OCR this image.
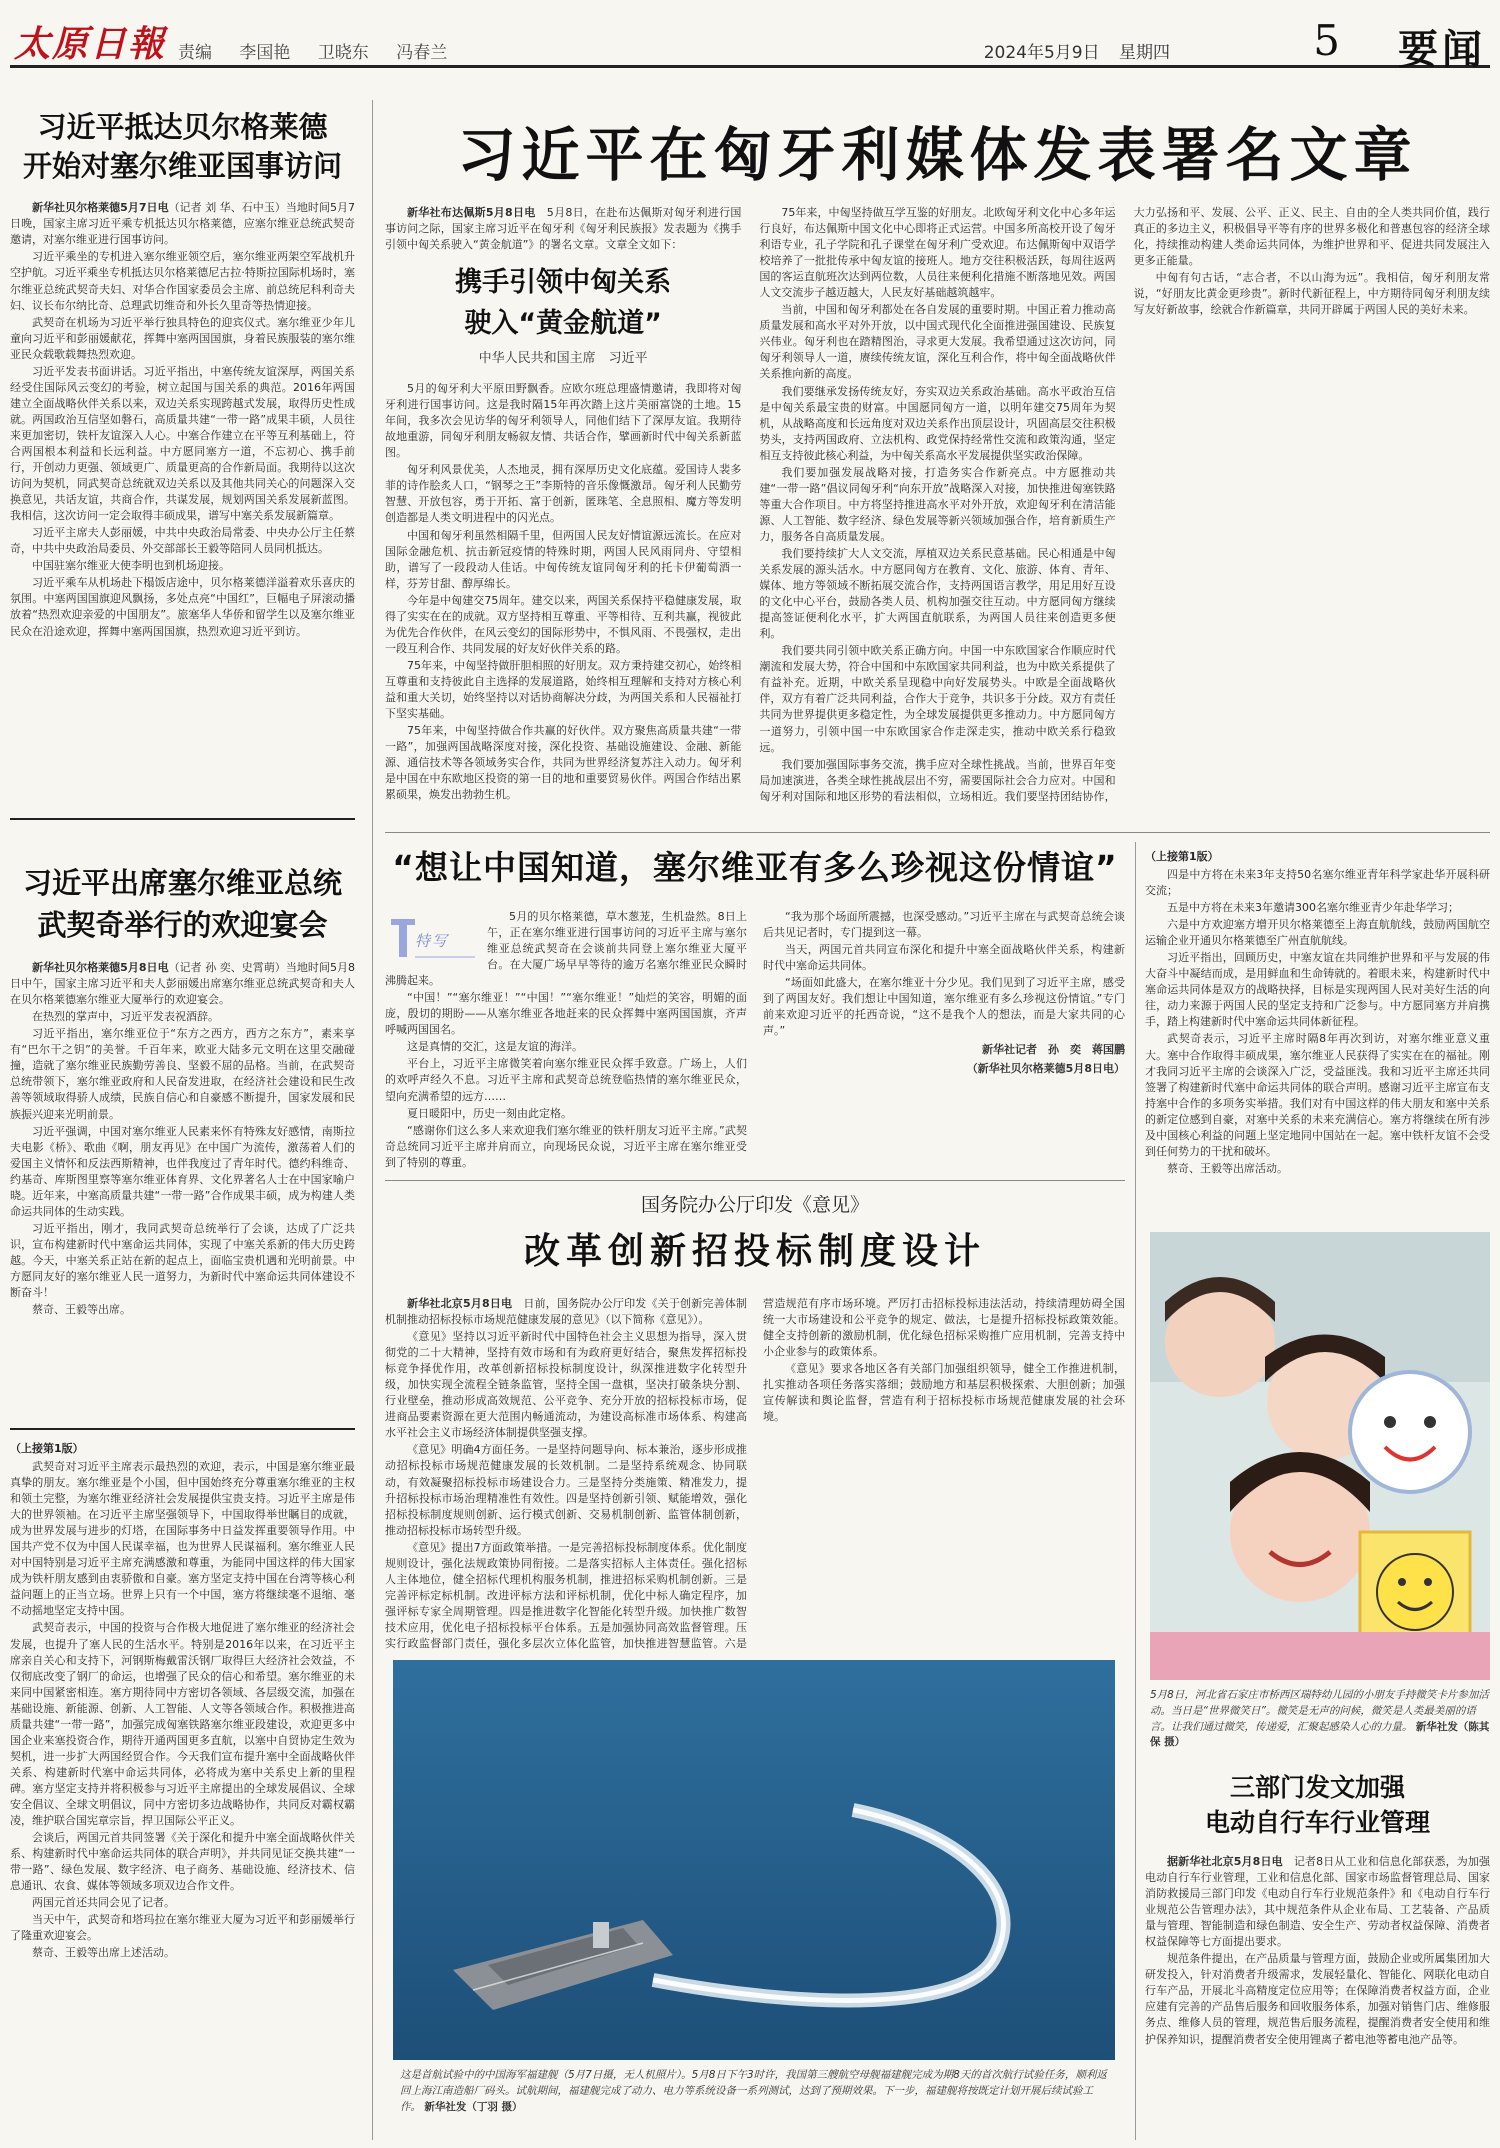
太原日報 责编 李国艳 卫晓东 冯春兰	2024年5月9日 星期四	5 要闻
习近平抵达贝尔格莱德
开始对塞尔维亚国事访问

新华社贝尔格莱德5月7日电（记者 刘 华、石中玉）当地时间5月7日晚，国家主席习近平乘专机抵达贝尔格莱德，应塞尔维亚总统武契奇邀请，对塞尔维亚进行国事访问。

习近平乘坐的专机进入塞尔维亚领空后，塞尔维亚两架空军战机升空护航。习近平乘坐专机抵达贝尔格莱德尼古拉·特斯拉国际机场时，塞尔维亚总统武契奇夫妇、对华合作国家委员会主席、前总统尼科利奇夫妇、议长布尔纳比奇、总理武切维奇和外长久里奇等热情迎接。

武契奇在机场为习近平举行独具特色的迎宾仪式。塞尔维亚少年儿童向习近平和彭丽媛献花，挥舞中塞两国国旗，身着民族服装的塞尔维亚民众载歌载舞热烈欢迎。

习近平发表书面讲话。习近平指出，中塞传统友谊深厚，两国关系经受住国际风云变幻的考验，树立起国与国关系的典范。2016年两国建立全面战略伙伴关系以来，双边关系实现跨越式发展，取得历史性成就。两国政治互信坚如磐石，高质量共建“一带一路”成果丰硕，人员往来更加密切，铁杆友谊深入人心。中塞合作建立在平等互利基础上，符合两国根本利益和长远利益。中方愿同塞方一道，不忘初心、携手前行，开创动力更强、领域更广、质量更高的合作新局面。我期待以这次访问为契机，同武契奇总统就双边关系以及其他共同关心的问题深入交换意见，共话友谊，共商合作，共谋发展，规划两国关系发展新蓝图。我相信，这次访问一定会取得丰硕成果，谱写中塞关系发展新篇章。

习近平主席夫人彭丽媛，中共中央政治局常委、中央办公厅主任蔡奇，中共中央政治局委员、外交部部长王毅等陪同人员同机抵达。

中国驻塞尔维亚大使李明也到机场迎接。

习近平乘车从机场赴下榻饭店途中，贝尔格莱德洋溢着欢乐喜庆的氛围。中塞两国国旗迎风飘扬，多处点亮“中国红”，巨幅电子屏滚动播放着“热烈欢迎亲爱的中国朋友”。旅塞华人华侨和留学生以及塞尔维亚民众在沿途欢迎，挥舞中塞两国国旗，热烈欢迎习近平到访。

习近平出席塞尔维亚总统
武契奇举行的欢迎宴会

新华社贝尔格莱德5月8日电（记者 孙 奕、史霄萌）当地时间5月8日中午，国家主席习近平和夫人彭丽媛出席塞尔维亚总统武契奇和夫人在贝尔格莱德塞尔维亚大厦举行的欢迎宴会。

在热烈的掌声中，习近平发表祝酒辞。

习近平指出，塞尔维亚位于“东方之西方，西方之东方”，素来享有“巴尔干之钥”的美誉。千百年来，欧亚大陆多元文明在这里交融碰撞，造就了塞尔维亚民族勤劳善良、坚毅不屈的品格。当前，在武契奇总统带领下，塞尔维亚政府和人民奋发进取，在经济社会建设和民生改善等领域取得骄人成绩，民族自信心和自豪感不断提升，国家发展和民族振兴迎来光明前景。

习近平强调，中国对塞尔维亚人民素来怀有特殊友好感情，南斯拉夫电影《桥》、歌曲《啊，朋友再见》在中国广为流传，激荡着人们的爱国主义情怀和反法西斯精神，也伴我度过了青年时代。德约科维奇、约基奇、库斯图里察等塞尔维亚体育界、文化界著名人士在中国家喻户晓。近年来，中塞高质量共建“一带一路”合作成果丰硕，成为构建人类命运共同体的生动实践。

习近平指出，刚才，我同武契奇总统举行了会谈，达成了广泛共识，宣布构建新时代中塞命运共同体，实现了中塞关系新的伟大历史跨越。今天，中塞关系正站在新的起点上，面临宝贵机遇和光明前景。中方愿同友好的塞尔维亚人民一道努力，为新时代中塞命运共同体建设不断奋斗！

蔡奇、王毅等出席。

（上接第1版）

武契奇对习近平主席表示最热烈的欢迎，表示，中国是塞尔维亚最真挚的朋友。塞尔维亚是个小国，但中国始终充分尊重塞尔维亚的主权和领土完整，为塞尔维亚经济社会发展提供宝贵支持。习近平主席是伟大的世界领袖。在习近平主席坚强领导下，中国取得举世瞩目的成就，成为世界发展与进步的灯塔，在国际事务中日益发挥重要领导作用。中国共产党不仅为中国人民谋幸福，也为世界人民谋福利。塞尔维亚人民对中国特别是习近平主席充满感激和尊重，为能同中国这样的伟大国家成为铁杆朋友感到由衷骄傲和自豪。塞方坚定支持中国在台湾等核心利益问题上的正当立场。世界上只有一个中国，塞方将继续毫不退缩、毫不动摇地坚定支持中国。

武契奇表示，中国的投资与合作极大地促进了塞尔维亚的经济社会发展，也提升了塞人民的生活水平。特别是2016年以来，在习近平主席亲自关心和支持下，河钢斯梅戴雷沃钢厂取得巨大经济社会效益，不仅彻底改变了钢厂的命运，也增强了民众的信心和希望。塞尔维亚的未来同中国紧密相连。塞方期待同中方密切各领域、各层级交流，加强在基础设施、新能源、创新、人工智能、人文等各领域合作。积极推进高质量共建“一带一路”，加强完成匈塞铁路塞尔维亚段建设，欢迎更多中国企业来塞投资合作，期待开通两国更多直航，以塞中自贸协定生效为契机，进一步扩大两国经贸合作。今天我们宣布提升塞中全面战略伙伴关系、构建新时代塞中命运共同体，必将成为塞中关系史上新的里程碑。塞方坚定支持并将积极参与习近平主席提出的全球发展倡议、全球安全倡议、全球文明倡议，同中方密切多边战略协作，共同反对霸权霸凌，维护联合国宪章宗旨，捍卫国际公平正义。

会谈后，两国元首共同签署《关于深化和提升中塞全面战略伙伴关系、构建新时代中塞命运共同体的联合声明》，并共同见证交换共建“一带一路”、绿色发展、数字经济、电子商务、基础设施、经济技术、信息通讯、农食、媒体等领域多项双边合作文件。

两国元首还共同会见了记者。

当天中午，武契奇和塔玛拉在塞尔维亚大厦为习近平和彭丽媛举行了隆重欢迎宴会。

蔡奇、王毅等出席上述活动。

习近平在匈牙利媒体发表署名文章

新华社布达佩斯5月8日电　 5月8日，在赴布达佩斯对匈牙利进行国事访问之际，国家主席习近平在匈牙利《匈牙利民族报》发表题为《携手引领中匈关系驶入“黄金航道”》的署名文章。文章全文如下：

携手引领中匈关系
驶入“黄金航道”
中华人民共和国主席　习近平

5月的匈牙利大平原田野飘香。应欧尔班总理盛情邀请，我即将对匈牙利进行国事访问。这是我时隔15年再次踏上这片美丽富饶的土地。15年间，我多次会见访华的匈牙利领导人，同他们结下了深厚友谊。我期待故地重游，同匈牙利朋友畅叙友情、共话合作，擘画新时代中匈关系新蓝图。

匈牙利风景优美，人杰地灵，拥有深厚历史文化底蕴。爱国诗人裴多菲的诗作脍炙人口，“钢琴之王”李斯特的音乐像慨激昂。匈牙利人民勤劳智慧、开放包容，勇于开拓、富于创新，匿珠笔、全息照相、魔方等发明创造都是人类文明进程中的闪光点。

中国和匈牙利虽然相隔千里，但两国人民友好情谊源远流长。在应对国际金融危机、抗击新冠疫情的特殊时期，两国人民风雨同舟、守望相助，谱写了一段段动人佳话。中匈传统友谊同匈牙利的托卡伊葡萄酒一样，芬芳甘甜、醇厚绵长。

今年是中匈建交75周年。建交以来，两国关系保持平稳健康发展，取得了实实在在的成就。双方坚持相互尊重、平等相待、互利共赢，视彼此为优先合作伙伴，在风云变幻的国际形势中，不惧风雨、不畏强权，走出一段互利合作、共同发展的好友好伙伴关系的路。

75年来，中匈坚持做肝胆相照的好朋友。双方秉持建交初心，始终相互尊重和支持彼此自主选择的发展道路，始终相互理解和支持对方核心利益和重大关切，始终坚持以对话协商解决分歧，为两国关系和人民福祉打下坚实基础。

75年来，中匈坚持做合作共赢的好伙伴。双方聚焦高质量共建“一带一路”，加强两国战略深度对接，深化投资、基础设施建设、金融、新能源、通信技术等各领域务实合作，共同为世界经济复苏注入动力。匈牙利是中国在中东欧地区投资的第一目的地和重要贸易伙伴。两国合作结出累累硕果，焕发出勃勃生机。

75年来，中匈坚持做互学互鉴的好朋友。北欧匈牙利文化中心多年运行良好，布达佩斯中国文化中心即将正式运营。中国多所高校开设了匈牙利语专业，孔子学院和孔子课堂在匈牙利广受欢迎。布达佩斯匈中双语学校培养了一批批传承中匈友谊的接班人。地方交往积极活跃，每周往返两国的客运直航班次达到两位数，人员往来便利化措施不断落地见效。两国人文交流步子越迈越大，人民友好基础越筑越牢。

当前，中国和匈牙利都处在各自发展的重要时期。中国正着力推动高质量发展和高水平对外开放，以中国式现代化全面推进强国建设、民族复兴伟业。匈牙利也在踏精图治，寻求更大发展。我希望通过这次访问，同匈牙利领导人一道，赓续传统友谊，深化互利合作，将中匈全面战略伙伴关系推向新的高度。

我们要继承发扬传统友好，夯实双边关系政治基础。高水平政治互信是中匈关系最宝贵的财富。中国愿同匈方一道，以明年建交75周年为契机，从战略高度和长远角度对双边关系作出顶层设计，巩固高层交往积极势头，支持两国政府、立法机构、政党保持经常性交流和政策沟通，坚定相互支持彼此核心利益，为中匈关系高水平发展提供坚实政治保障。

我们要加强发展战略对接，打造务实合作新亮点。中方愿推动共建“一带一路”倡议同匈牙利“向东开放”战略深入对接，加快推进匈塞铁路等重大合作项目。中方将坚持推进高水平对外开放，欢迎匈牙利在清洁能源、人工智能、数字经济、绿色发展等新兴领域加强合作，培育新质生产力，服务各自高质量发展。

我们要持续扩大人文交流，厚植双边关系民意基础。民心相通是中匈关系发展的源头活水。中方愿同匈方在教育、文化、旅游、体育、青年、媒体、地方等领域不断拓展交流合作，支持两国语言教学，用足用好互设的文化中心平台，鼓励各类人员、机构加强交往互动。中方愿同匈方继续提高签证便利化水平，扩大两国直航联系，为两国人员往来创造更多便利。

我们要共同引领中欧关系正确方向。中国一中东欧国家合作顺应时代潮流和发展大势，符合中国和中东欧国家共同利益，也为中欧关系提供了有益补充。近期，中欧关系呈现稳中向好发展势头。中欧是全面战略伙伴，双方有着广泛共同利益，合作大于竞争，共识多于分歧。双方有责任共同为世界提供更多稳定性，为全球发展提供更多推动力。中方愿同匈方一道努力，引领中国一中东欧国家合作走深走实，推动中欧关系行稳致远。

我们要加强国际事务交流，携手应对全球性挑战。当前，世界百年变局加速演进，各类全球性挑战层出不穷，需要国际社会合力应对。中国和匈牙利对国际和地区形势的看法相似，立场相近。我们要坚持团结协作，大力弘扬和平、发展、公平、正义、民主、自由的全人类共同价值，践行真正的多边主义，积极倡导平等有序的世界多极化和普惠包容的经济全球化，持续推动构建人类命运共同体，为维护世界和平、促进共同发展注入更多正能量。

中匈有句古话，“志合者，不以山海为远”。我相信，匈牙利朋友常说，“好朋友比黄金更珍贵”。新时代新征程上，中方期待同匈牙利朋友续写友好新故事，绘就合作新篇章，共同开辟属于两国人民的美好未来。

“想让中国知道，塞尔维亚有多么珍视这份情谊”
特写

5月的贝尔格莱德，草木葱茏，生机盎然。8日上午，正在塞尔维亚进行国事访问的习近平主席与塞尔维亚总统武契奇在会谈前共同登上塞尔维亚大厦平台。在大厦广场早早等待的逾万名塞尔维亚民众瞬时沸腾起来。

“中国！”“塞尔维亚！”“中国！”“塞尔维亚！”灿烂的笑容，明媚的面庞，殷切的期盼——从塞尔维亚各地赶来的民众挥舞中塞两国国旗，齐声呼喊两国国名。

这是真情的交汇，这是友谊的海洋。

平台上，习近平主席微笑着向塞尔维亚民众挥手致意。广场上，人们的欢呼声经久不息。习近平主席和武契奇总统登临热情的塞尔维亚民众，望向充满希望的远方……

夏日暖阳中，历史一刻由此定格。

“感谢你们这么多人来欢迎我们塞尔维亚的铁杆朋友习近平主席。”武契奇总统同习近平主席并肩而立，向现场民众说，习近平主席在塞尔维亚受到了特别的尊重。

“我为那个场面所震撼，也深受感动。”习近平主席在与武契奇总统会谈后共见记者时，专门提到这一幕。

当天，两国元首共同宣布深化和提升中塞全面战略伙伴关系，构建新时代中塞命运共同体。

“场面如此盛大，在塞尔维亚十分少见。我们见到了习近平主席，感受到了两国友好。我们想让中国知道，塞尔维亚有多么珍视这份情谊。”专门前来欢迎习近平的托西奇说，“这不是我个人的想法，而是大家共同的心声。”

新华社记者　孙　奕　蒋国鹏
（新华社贝尔格莱德5月8日电）
（上接第1版）

四是中方将在未来3年支持50名塞尔维亚青年科学家赴华开展科研交流；

五是中方将在未来3年邀请300名塞尔维亚青少年赴华学习；

六是中方欢迎塞方增开贝尔格莱德至上海直航航线，鼓励两国航空运输企业开通贝尔格莱德至广州直航航线。

习近平指出，回顾历史，中塞友谊在共同维护世界和平与发展的伟大奋斗中凝结而成，是用鲜血和生命铸就的。着眼未来，构建新时代中塞命运共同体是双方的战略抉择，目标是实现两国人民对美好生活的向往，动力来源于两国人民的坚定支持和广泛参与。中方愿同塞方并肩携手，踏上构建新时代中塞命运共同体新征程。

武契奇表示，习近平主席时隔8年再次到访，对塞尔维亚意义重大。塞中合作取得丰硕成果，塞尔维亚人民获得了实实在在的福祉。刚才我同习近平主席的会谈深入广泛，受益匪浅。我和习近平主席还共同签署了构建新时代塞中命运共同体的联合声明。感谢习近平主席宣布支持塞中合作的多项务实举措。我们对有中国这样的伟大朋友和塞中关系的新定位感到自豪，对塞中关系的未来充满信心。塞方将继续在所有涉及中国核心利益的问题上坚定地同中国站在一起。塞中铁杆友谊不会受到任何势力的干扰和破坏。

蔡奇、王毅等出席活动。

国务院办公厅印发《意见》
改革创新招投标制度设计

新华社北京5月8日电　 日前，国务院办公厅印发《关于创新完善体制机制推动招标投标市场规范健康发展的意见》（以下简称《意见》）。

《意见》坚持以习近平新时代中国特色社会主义思想为指导，深入贯彻党的二十大精神，坚持有效市场和有为政府更好结合，聚焦发挥招标投标竞争择优作用，改革创新招标投标制度设计，纵深推进数字化转型升级，加快实现全流程全链条监管，坚持全国一盘棋，坚决打破条块分割、行业壁垒，推动形成高效规范、公平竞争、充分开放的招标投标市场，促进商品要素资源在更大范围内畅通流动，为建设高标准市场体系、构建高水平社会主义市场经济体制提供坚强支撑。

《意见》明确4方面任务。一是坚持问题导向、标本兼治，逐步形成推动招标投标市场规范健康发展的长效机制。二是坚持系统观念、协同联动，有效凝聚招标投标市场建设合力。三是坚持分类施策、精准发力，提升招标投标市场治理精准性有效性。四是坚持创新引领、赋能增效，强化招标投标制度规则创新、运行模式创新、交易机制创新、监管体制创新，推动招标投标市场转型升级。

《意见》提出7方面政策举措。一是完善招标投标制度体系。优化制度规则设计，强化法规政策协同衔接。二是落实招标人主体责任。强化招标人主体地位，健全招标代理机构服务机制，推进招标采购机制创新。三是完善评标定标机制。改进评标方法和评标机制，优化中标人确定程序，加强评标专家全周期管理。四是推进数字化智能化转型升级。加快推广数智技术应用，优化电子招标投标平台体系。五是加强协同高效监督管理。压实行政监督部门责任，强化多层次立体化监管，加快推进智慧监管。六是营造规范有序市场环境。严厉打击招标投标违法活动，持续清理妨碍全国统一大市场建设和公平竞争的规定、做法，七是提升招标投标政策效能。健全支持创新的激励机制，优化绿色招标采购推广应用机制，完善支持中小企业参与的政策体系。

《意见》要求各地区各有关部门加强组织领导，健全工作推进机制，扎实推动各项任务落实落细；鼓励地方和基层积极探索、大胆创新；加强宣传解读和舆论监督，营造有利于招标投标市场规范健康发展的社会环境。

这是首航试验中的中国海军福建舰（5月7日摄，无人机照片）。5月8日下午3时许，我国第三艘航空母舰福建舰完成为期8天的首次航行试验任务，顺利返回上海江南造船厂码头。试航期间，福建舰完成了动力、电力等系统设备一系列测试，达到了预期效果。下一步，福建舰将按既定计划开展后续试验工作。 新华社发（丁羽 摄）
5月8日，河北省石家庄市桥西区瑞特幼儿园的小朋友手持微笑卡片参加活动。当日是“世界微笑日”。微笑是无声的问候，微笑是人类最美丽的语言。让我们通过微笑，传递爱，汇聚起感染人心的力量。 新华社发（陈其保 摄）
三部门发文加强
电动自行车行业管理

据新华社北京5月8日电　 记者8日从工业和信息化部获悉，为加强电动自行车行业管理，工业和信息化部、国家市场监督管理总局、国家消防救援局三部门印发《电动自行车行业规范条件》和《电动自行车行业规范公告管理办法》，其中规范条件从企业布局、工艺装备、产品质量与管理、智能制造和绿色制造、安全生产、劳动者权益保障、消费者权益保障等七方面提出要求。

规范条件提出，在产品质量与管理方面，鼓励企业或所属集团加大研发投入，针对消费者升级需求，发展轻量化、智能化、网联化电动自行车产品，开展北斗高精度定位应用等；在保障消费者权益方面，企业应建有完善的产品售后服务和回收服务体系，加强对销售门店、维修服务点、维修人员的管理，规范售后服务流程，提醒消费者安全使用和维护保养知识，提醒消费者安全使用锂离子蓄电池等蓄电池产品等。
